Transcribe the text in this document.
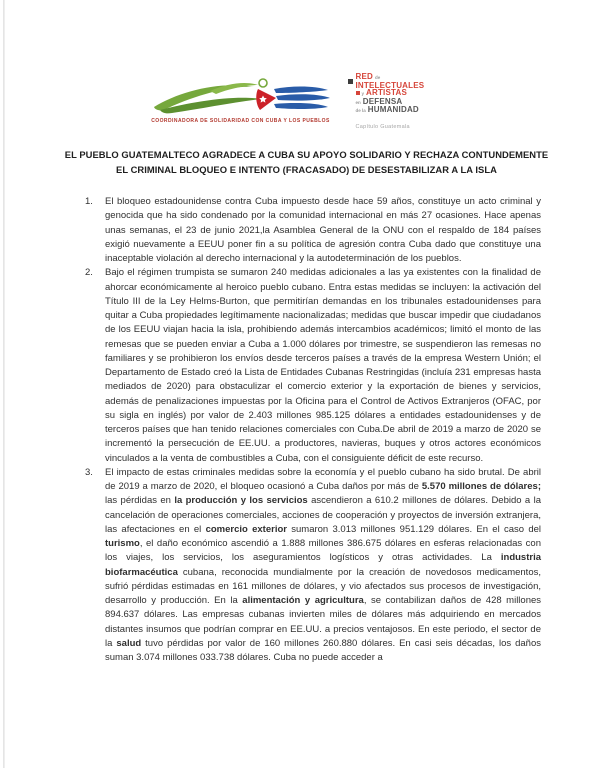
COORDINADORA DE SOLIDARIDAD CON CUBA Y LOS PUEBLOS
RED de
INTELECTUALES
y ARTISTAS
en DEFENSA
de la HUMANIDAD
Capítulo Guatemala
EL PUEBLO GUATEMALTECO AGRADECE A CUBA SU APOYO SOLIDARIO Y RECHAZA CONTUNDEMENTE
EL CRIMINAL BLOQUEO E INTENTO (FRACASADO) DE DESESTABILIZAR A LA ISLA
1.	El bloqueo estadounidense contra Cuba impuesto desde hace 59 años, constituye un acto criminal y genocida que ha sido condenado por la comunidad internacional en más 27 ocasiones. Hace apenas unas semanas, el 23 de junio 2021,la Asamblea General de la ONU con el respaldo de 184 países exigió nuevamente a EEUU poner fin a su política de agresión contra Cuba dado que constituye una inaceptable violación al derecho internacional y la autodeterminación de los pueblos.
2.	Bajo el régimen trumpista se sumaron 240 medidas adicionales a las ya existentes con la finalidad de ahorcar económicamente al heroico pueblo cubano. Entra estas medidas se incluyen: la activación del Título III de la Ley Helms-Burton, que permitirían demandas en los tribunales estadounidenses para quitar a Cuba propiedades legítimamente nacionalizadas; medidas que buscar impedir que ciudadanos de los EEUU viajan hacia la isla, prohibiendo además intercambios académicos; limitó el monto de las remesas que se pueden enviar a Cuba a 1.000 dólares por trimestre, se suspendieron las remesas no familiares y se prohibieron los envíos desde terceros países a través de la empresa Western Unión; el Departamento de Estado creó la Lista de Entidades Cubanas Restringidas (incluía 231 empresas hasta mediados de 2020) para obstaculizar el comercio exterior y la exportación de bienes y servicios, además de penalizaciones impuestas por la Oficina para el Control de Activos Extranjeros (OFAC, por su sigla en inglés) por valor de 2.403 millones 985.125 dólares a entidades estadounidenses y de terceros países que han tenido relaciones comerciales con Cuba.De abril de 2019 a marzo de 2020 se incrementó la persecución de EE.UU. a productores, navieras, buques y otros actores económicos vinculados a la venta de combustibles a Cuba, con el consiguiente déficit de este recurso.
3.	El impacto de estas criminales medidas sobre la economía y el pueblo cubano ha sido brutal. De abril de 2019 a marzo de 2020, el bloqueo ocasionó a Cuba daños por más de 5.570 millones de dólares; las pérdidas en la producción y los servicios ascendieron a 610.2 millones de dólares. Debido a la cancelación de operaciones comerciales, acciones de cooperación y proyectos de inversión extranjera, las afectaciones en el comercio exterior sumaron 3.013 millones 951.129 dólares. En el caso del turismo, el daño económico ascendió a 1.888 millones 386.675 dólares en esferas relacionadas con los viajes, los servicios, los aseguramientos logísticos y otras actividades. La industria biofarmacéutica cubana, reconocida mundialmente por la creación de novedosos medicamentos, sufrió pérdidas estimadas en 161 millones de dólares, y vio afectados sus procesos de investigación, desarrollo y producción. En la alimentación y agricultura, se contabilizan daños de 428 millones 894.637 dólares. Las empresas cubanas invierten miles de dólares más adquiriendo en mercados distantes insumos que podrían comprar en EE.UU. a precios ventajosos. En este periodo, el sector de la salud tuvo pérdidas por valor de 160 millones 260.880 dólares. En casi seis décadas, los daños suman 3.074 millones 033.738 dólares. Cuba no puede acceder a
